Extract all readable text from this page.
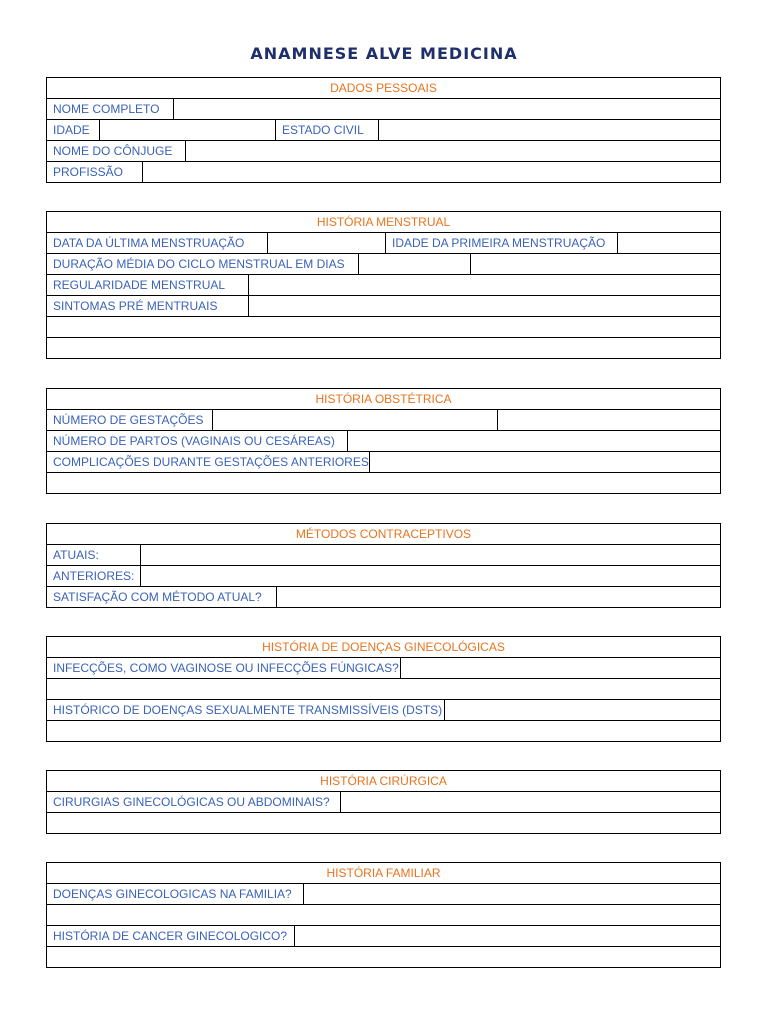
ANAMNESE ALVE MEDICINA
DADOS PESSOAIS
NOME COMPLETO
IDADE	ESTADO CIVIL
NOME DO CÔNJUGE
PROFISSÃO
HISTÓRIA MENSTRUAL
DATA DA ÚLTIMA MENSTRUAÇÃO	IDADE DA PRIMEIRA MENSTRUAÇÃO
DURAÇÃO MÉDIA DO CICLO MENSTRUAL EM DIAS
REGULARIDADE MENSTRUAL
SINTOMAS PRÉ MENTRUAIS
HISTÓRIA OBSTÉTRICA
NÚMERO DE GESTAÇÕES
NÚMERO DE PARTOS (VAGINAIS OU CESÁREAS)
COMPLICAÇÕES DURANTE GESTAÇÕES ANTERIORES
MÉTODOS CONTRACEPTIVOS
ATUAIS:
ANTERIORES:
SATISFAÇÃO COM MÉTODO ATUAL?
HISTÓRIA DE DOENÇAS GINECOLÓGICAS
INFECÇÕES, COMO VAGINOSE OU INFECÇÕES FÚNGICAS?
HISTÓRICO DE DOENÇAS SEXUALMENTE TRANSMISSÍVEIS (DSTS)
HISTÓRIA CIRÚRGICA
CIRURGIAS GINECOLÓGICAS OU ABDOMINAIS?
HISTÓRIA FAMILIAR
DOENÇAS GINECOLOGICAS NA FAMILIA?
HISTÓRIA DE CANCER GINECOLOGICO?
